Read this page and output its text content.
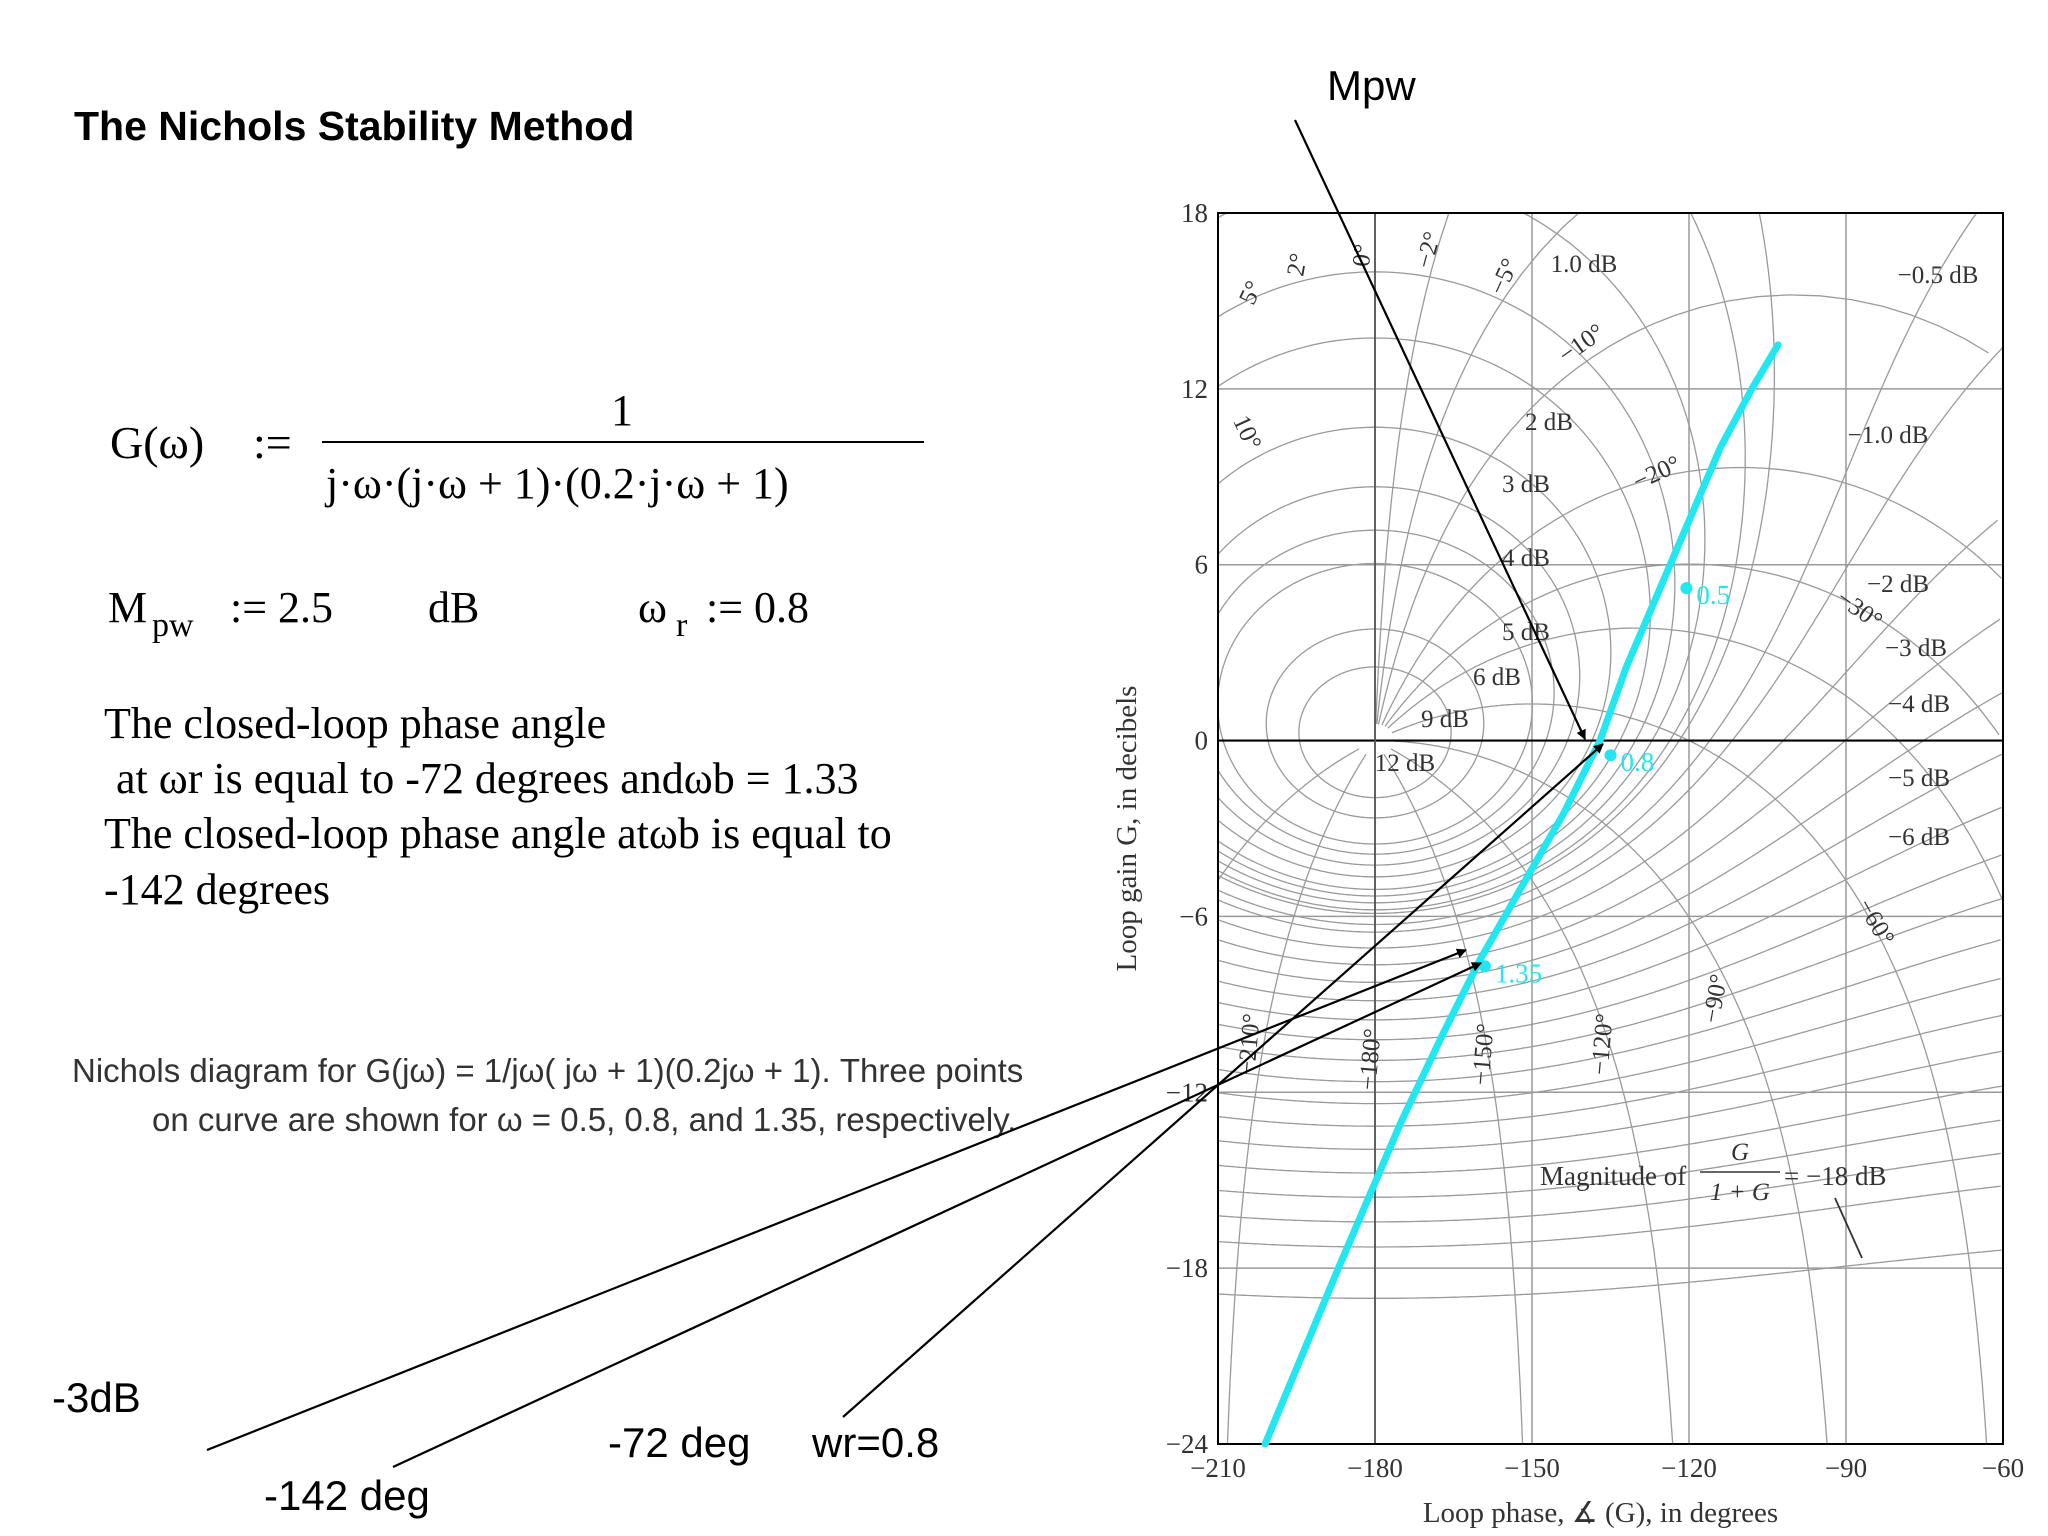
The Nichols Stability Method
Mpw
G(ω) :=
1
j·ω·(j·ω + 1)·(0.2·j·ω + 1)
M pw := 2.5 dB	ω r := 0.8
The closed-loop phase angle
at ωr is equal to -72 degrees andωb = 1.33
The closed-loop phase angle atωb is equal to
-142 degrees
Nichols diagram for G(jω) = 1/jω( jω + 1)(0.2jω + 1). Three points
on curve are shown for ω = 0.5, 0.8, and 1.35, respectively.
−210	−180	−150	−120	−90	−60
18
12
6
0
−6
−12
−18
−24
Loop phase, ∡ (G), in degrees
Loop gain G, in decibels
1.0 dB
2 dB
3 dB
4 dB
5 dB
6 dB
9 dB
12 dB
−0.5 dB
−1.0 dB
−2 dB
−3 dB
−4 dB
−5 dB
−6 dB
5°
2° 0° −2°
−5°
−10°
−20°
−30°
10°
−60°
−90°
−120°
−150°
−180°
−210°
0.5
0.8
1.35
Magnitude of
G
1 + G
= −18 dB
-3dB
-142 deg
-72 deg wr=0.8
